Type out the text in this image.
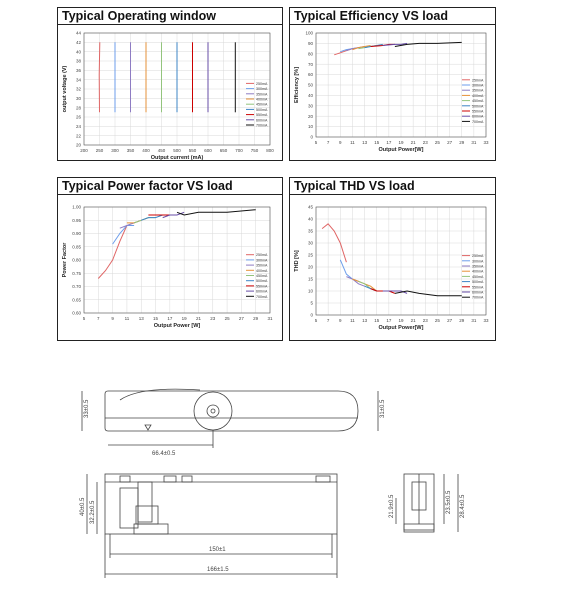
Typical Operating window
20
22
24
26
28
30
32
34
36
38
40
42
44
200 250 300 350 400 450 500 550 600 650 700 750 800
Output current (mA)
output voltage (V)	250mA
300mA
350mA
400mA
450mA
500mA
550mA
600mA
700mA
Typical Efficiency VS load
0
10
20
30
40
50
60
70
80
90
100
5 7 9 11 13 15 17 19 21 23 25 27 29 31 33
Output Power[W]
Efficiency [%]	250mA
300mA
350mA
400mA
450mA
500mA
550mA
600mA
700mA
Typical Power factor VS load
0.60
0.65
0.70
0.75
0.80
0.85
0.90
0.95
1.00
5	7	9 11 13 15 17 19 21 23 25 27 29 31
Output Power [W]
Power Factor	250mA
300mA
350mA
400mA
450mA
500mA
550mA
600mA
700mA
Typical THD VS load
0
5
10
15
20
25
30
35
40
45
5 7 9 11 13 15 17 19 21 23 25 27 29 31 33
Output Power[W]
THD [%]	250mA
300mA
350mA
400mA
450mA
500mA
550mA
600mA
700mA
33±0.5	31±0.5
66.4±0.5
40±0.5 32.2±0.5
150±1
166±1.5
21.9±0.5	23.5±0.5 28.4±0.5
